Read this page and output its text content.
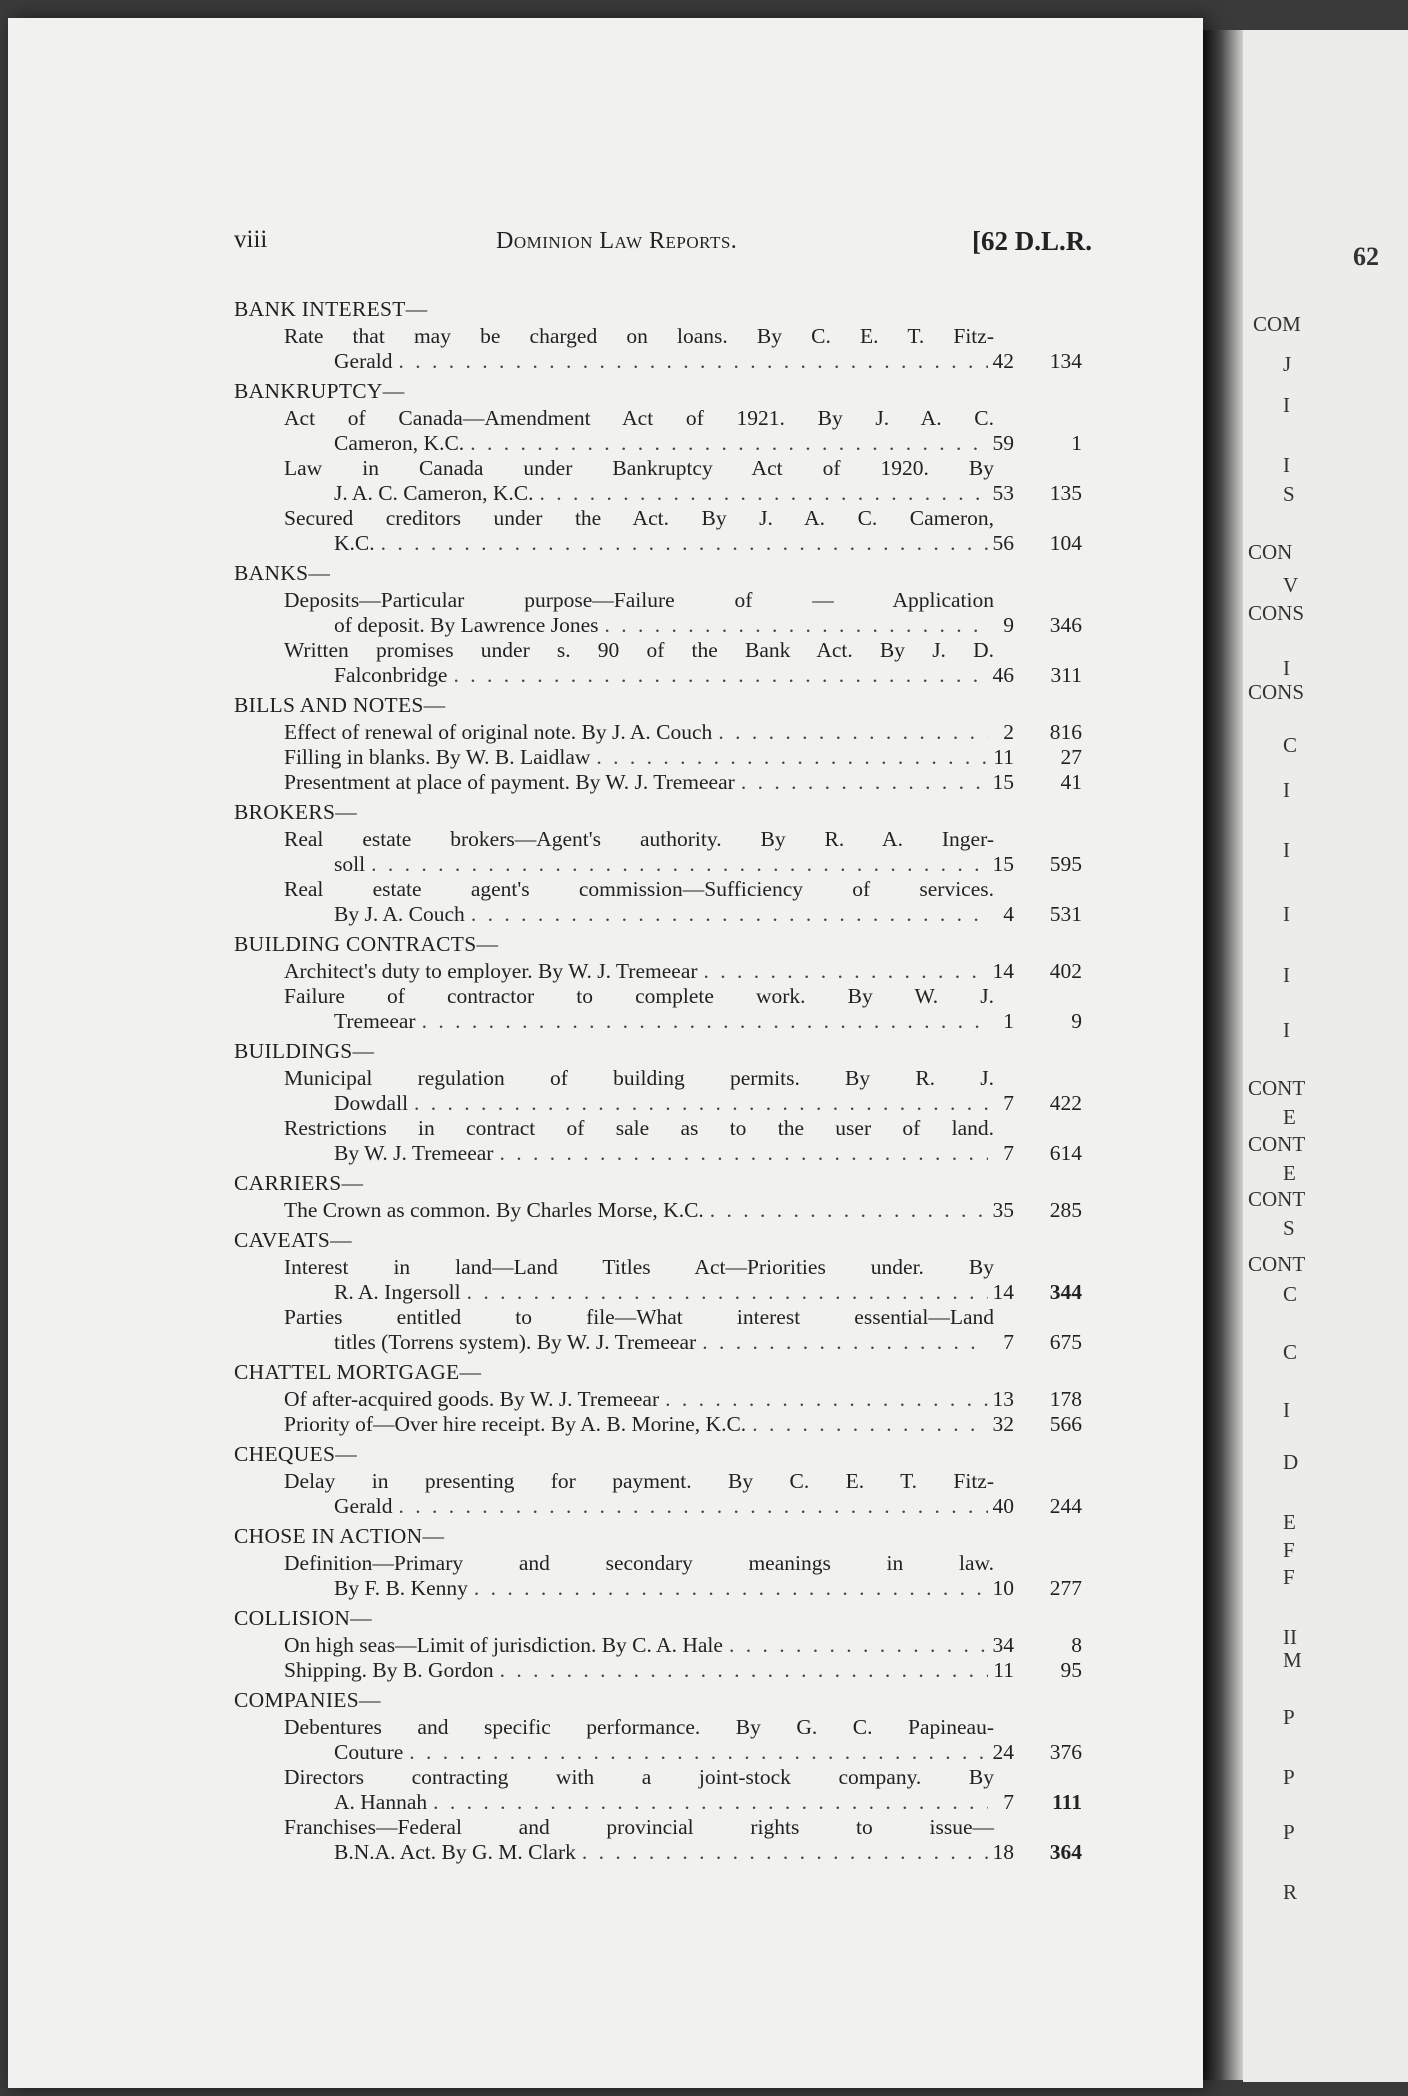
62
COM
J
I
I
S
CON
V
CONS
I
CONS
C
I
I
I
I
I
CONT
E
CONT
E
CONT
S
CONT
C
C
I
D
E
F
F
II
M
P
P
P
R
viii	Dominion Law Reports.	[62 D.L.R.
BANK INTEREST—
Rate that may be charged on loans. By C. E. T. Fitz-
Gerald . . .	42	134
BANKRUPTCY—
Act of Canada—Amendment Act of 1921. By J. A. C.
Cameron, K.C. . . .	59	1
Law in Canada under Bankruptcy Act of 1920. By
J. A. C. Cameron, K.C. . . .	53	135
Secured creditors under the Act. By J. A. C. Cameron,
K.C. . . .	56	104
BANKS—
Deposits—Particular purpose—Failure of — Application
of deposit. By Lawrence Jones . . .	9	346
Written promises under s. 90 of the Bank Act. By J. D.
Falconbridge . . .	46	311
BILLS AND NOTES—
Effect of renewal of original note. By J. A. Couch . . .	2	816
Filling in blanks. By W. B. Laidlaw . . .	11	27
Presentment at place of payment. By W. J. Tremeear . . .	15	41
BROKERS—
Real estate brokers—Agent's authority. By R. A. Inger-
soll . . .	15	595
Real estate agent's commission—Sufficiency of services.
By J. A. Couch . . .	4	531
BUILDING CONTRACTS—
Architect's duty to employer. By W. J. Tremeear . . .	14	402
Failure of contractor to complete work. By W. J.
Tremeear . . .	1	9
BUILDINGS—
Municipal regulation of building permits. By R. J.
Dowdall . . .	7	422
Restrictions in contract of sale as to the user of land.
By W. J. Tremeear . . .	7	614
CARRIERS—
The Crown as common. By Charles Morse, K.C. . . .	35	285
CAVEATS—
Interest in land—Land Titles Act—Priorities under. By
R. A. Ingersoll . . .	14	344
Parties entitled to file—What interest essential—Land
titles (Torrens system). By W. J. Tremeear . . .	7	675
CHATTEL MORTGAGE—
Of after-acquired goods. By W. J. Tremeear . . .	13	178
Priority of—Over hire receipt. By A. B. Morine, K.C. . . .	32	566
CHEQUES—
Delay in presenting for payment. By C. E. T. Fitz-
Gerald . . .	40	244
CHOSE IN ACTION—
Definition—Primary and secondary meanings in law.
By F. B. Kenny . . .	10	277
COLLISION—
On high seas—Limit of jurisdiction. By C. A. Hale . . .	34	8
Shipping. By B. Gordon . . .	11	95
COMPANIES—
Debentures and specific performance. By G. C. Papineau-
Couture . . .	24	376
Directors contracting with a joint-stock company. By
A. Hannah . . .	7	111
Franchises—Federal and provincial rights to issue—
B.N.A. Act. By G. M. Clark . . .	18	364
